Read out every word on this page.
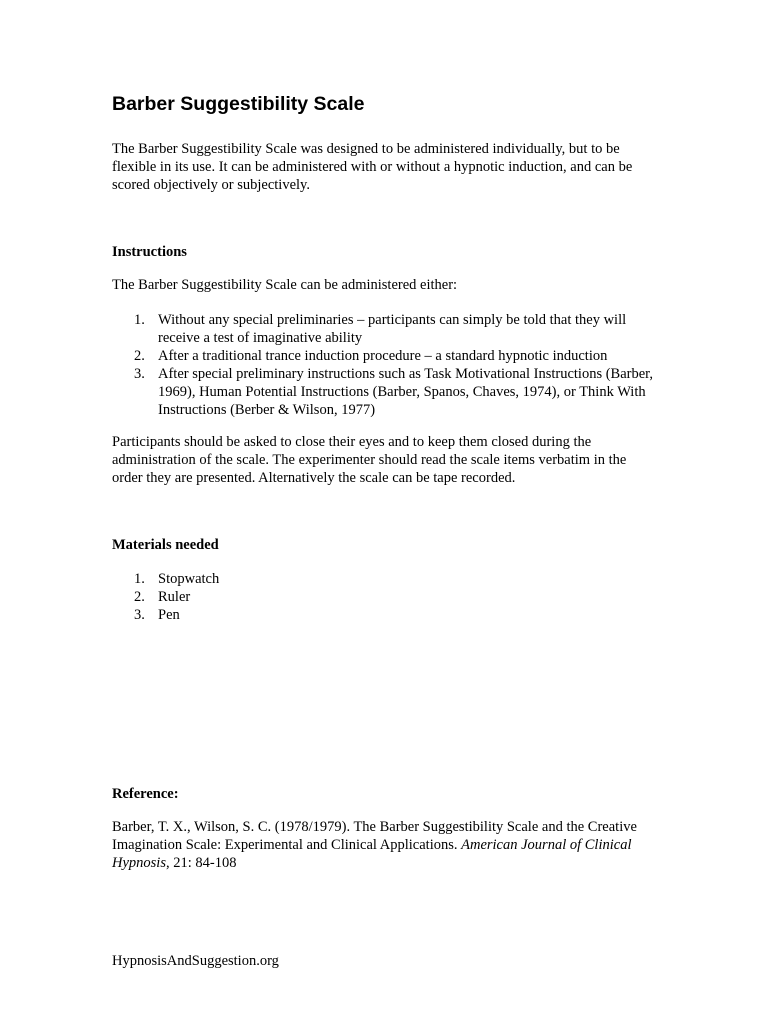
Barber Suggestibility Scale

The Barber Suggestibility Scale was designed to be administered individually, but to be flexible in its use. It can be administered with or without a hypnotic induction, and can be scored objectively or subjectively.

Instructions

The Barber Suggestibility Scale can be administered either:

1. Without any special preliminaries – participants can simply be told that they will receive a test of imaginative ability
2. After a traditional trance induction procedure – a standard hypnotic induction
3. After special preliminary instructions such as Task Motivational Instructions (Barber, 1969), Human Potential Instructions (Barber, Spanos, Chaves, 1974), or Think With Instructions (Berber & Wilson, 1977)

Participants should be asked to close their eyes and to keep them closed during the administration of the scale. The experimenter should read the scale items verbatim in the order they are presented. Alternatively the scale can be tape recorded.

Materials needed

1. Stopwatch
2. Ruler
3. Pen

Reference:

Barber, T. X., Wilson, S. C. (1978/1979). The Barber Suggestibility Scale and the Creative Imagination Scale: Experimental and Clinical Applications. American Journal of Clinical Hypnosis, 21: 84-108

HypnosisAndSuggestion.org
